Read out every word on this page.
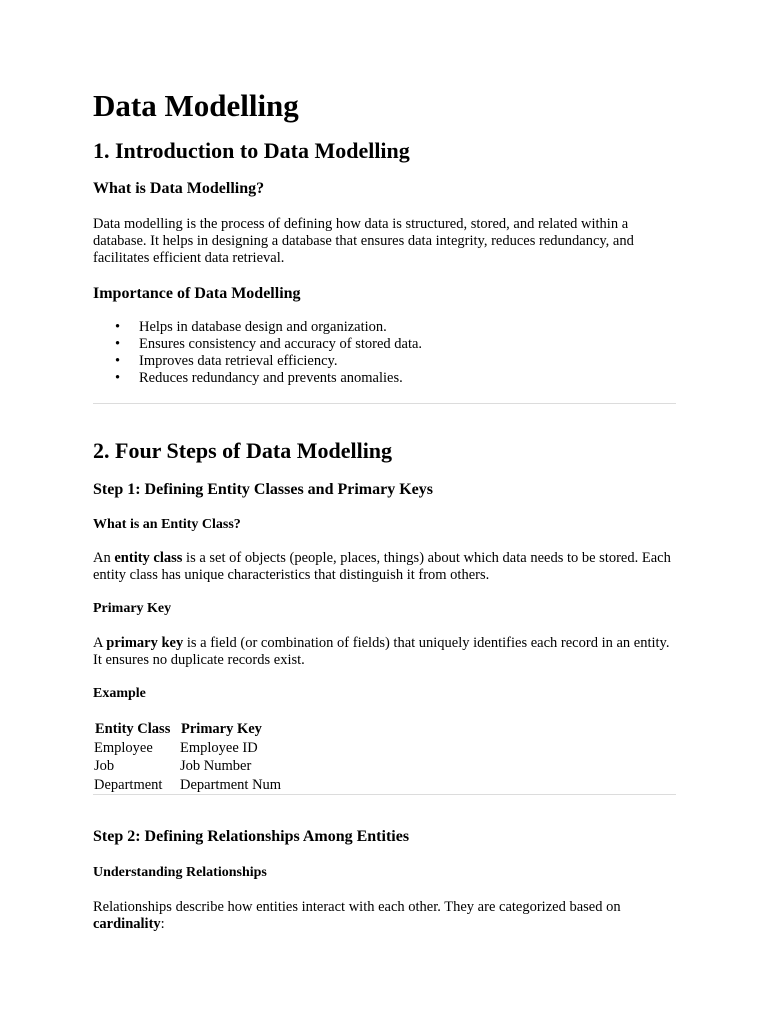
Data Modelling
1. Introduction to Data Modelling
What is Data Modelling?

Data modelling is the process of defining how data is structured, stored, and related within a database. It helps in designing a database that ensures data integrity, reduces redundancy, and facilitates efficient data retrieval.

Importance of Data Modelling
• Helps in database design and organization.
• Ensures consistency and accuracy of stored data.
• Improves data retrieval efficiency.
• Reduces redundancy and prevents anomalies.
2. Four Steps of Data Modelling
Step 1: Defining Entity Classes and Primary Keys
What is an Entity Class?

An entity class is a set of objects (people, places, things) about which data needs to be stored. Each entity class has unique characteristics that distinguish it from others.

Primary Key

A primary key is a field (or combination of fields) that uniquely identifies each record in an entity. It ensures no duplicate records exist.

Example
Entity Class	Primary Key
Employee	Employee ID
Job	Job Number
Department	Department Num
Step 2: Defining Relationships Among Entities
Understanding Relationships

Relationships describe how entities interact with each other. They are categorized based on cardinality:
